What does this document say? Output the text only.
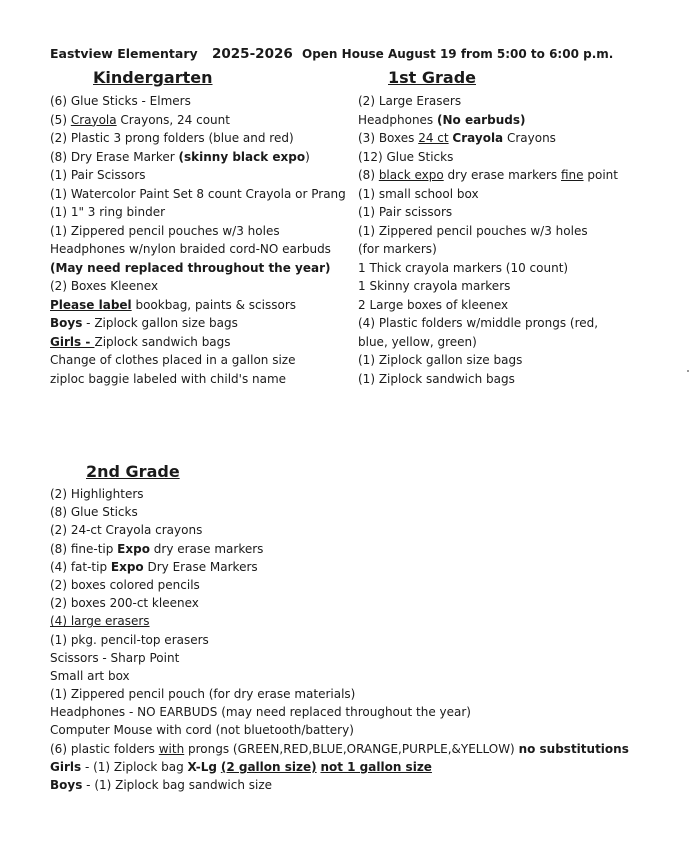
Eastview Elementary 2025-2026 Open House August 19 from 5:00 to 6:00 p.m.
Kindergarten
(6) Glue Sticks - Elmers
(5) Crayola Crayons, 24 count
(2) Plastic 3 prong folders (blue and red)
(8) Dry Erase Marker (skinny black expo)
(1) Pair Scissors
(1) Watercolor Paint Set 8 count Crayola or Prang
(1) 1" 3 ring binder
(1) Zippered pencil pouches w/3 holes
Headphones w/nylon braided cord-NO earbuds
(May need replaced throughout the year)
(2) Boxes Kleenex
Please label bookbag, paints & scissors
Boys - Ziplock gallon size bags
Girls - Ziplock sandwich bags
Change of clothes placed in a gallon size
ziploc baggie labeled with child's name
1st Grade
(2) Large Erasers
Headphones (No earbuds)
(3) Boxes 24 ct Crayola Crayons
(12) Glue Sticks
(8) black expo dry erase markers fine point
(1) small school box
(1) Pair scissors
(1) Zippered pencil pouches w/3 holes
(for markers)
1 Thick crayola markers (10 count)
1 Skinny crayola markers
2 Large boxes of kleenex
(4) Plastic folders w/middle prongs (red,
blue, yellow, green)
(1) Ziplock gallon size bags
(1) Ziplock sandwich bags
2nd Grade
(2) Highlighters
(8) Glue Sticks
(2) 24-ct Crayola crayons
(8) fine-tip Expo dry erase markers
(4) fat-tip Expo Dry Erase Markers
(2) boxes colored pencils
(2) boxes 200-ct kleenex
(4) large erasers
(1) pkg. pencil-top erasers
Scissors - Sharp Point
Small art box
(1) Zippered pencil pouch (for dry erase materials)
Headphones - NO EARBUDS (may need replaced throughout the year)
Computer Mouse with cord (not bluetooth/battery)
(6) plastic folders with prongs (GREEN,RED,BLUE,ORANGE,PURPLE,&YELLOW) no substitutions
Girls - (1) Ziplock bag X-Lg (2 gallon size) not 1 gallon size
Boys - (1) Ziplock bag sandwich size
